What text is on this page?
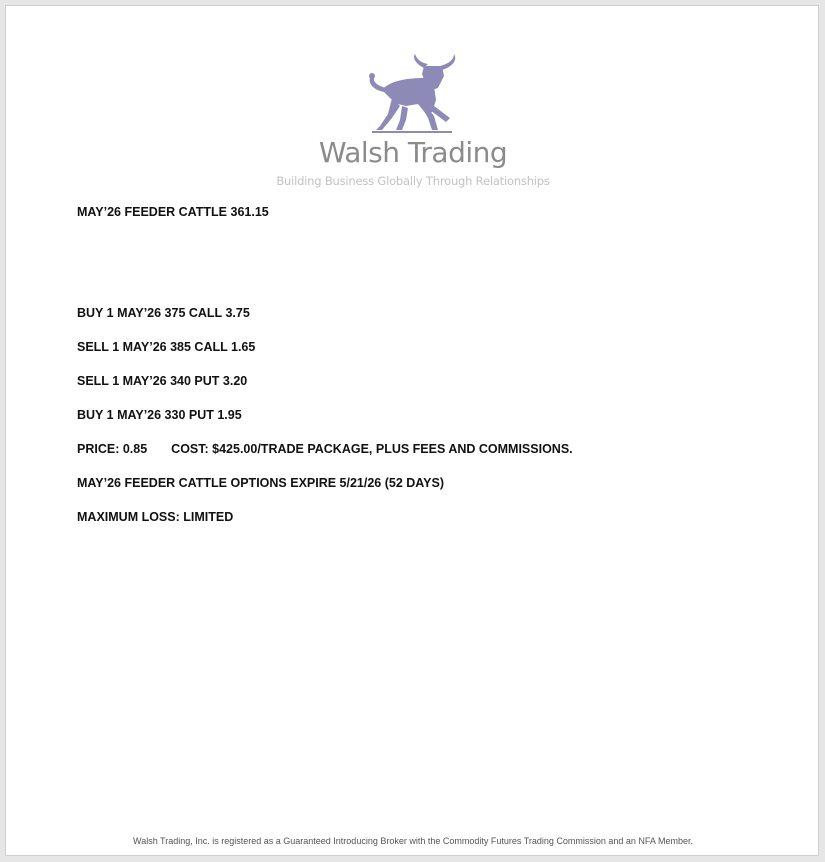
Walsh Trading
Building Business Globally Through Relationships
MAY’26 FEEDER CATTLE 361.15
BUY 1 MAY’26 375 CALL 3.75
SELL 1 MAY’26 385 CALL 1.65
SELL 1 MAY’26 340 PUT 3.20
BUY 1 MAY’26 330 PUT 1.95
PRICE: 0.85 COST: $425.00/TRADE PACKAGE, PLUS FEES AND COMMISSIONS.
MAY’26 FEEDER CATTLE OPTIONS EXPIRE 5/21/26 (52 DAYS)
MAXIMUM LOSS: LIMITED
Walsh Trading, Inc. is registered as a Guaranteed Introducing Broker with the Commodity Futures Trading Commission and an NFA Member.
